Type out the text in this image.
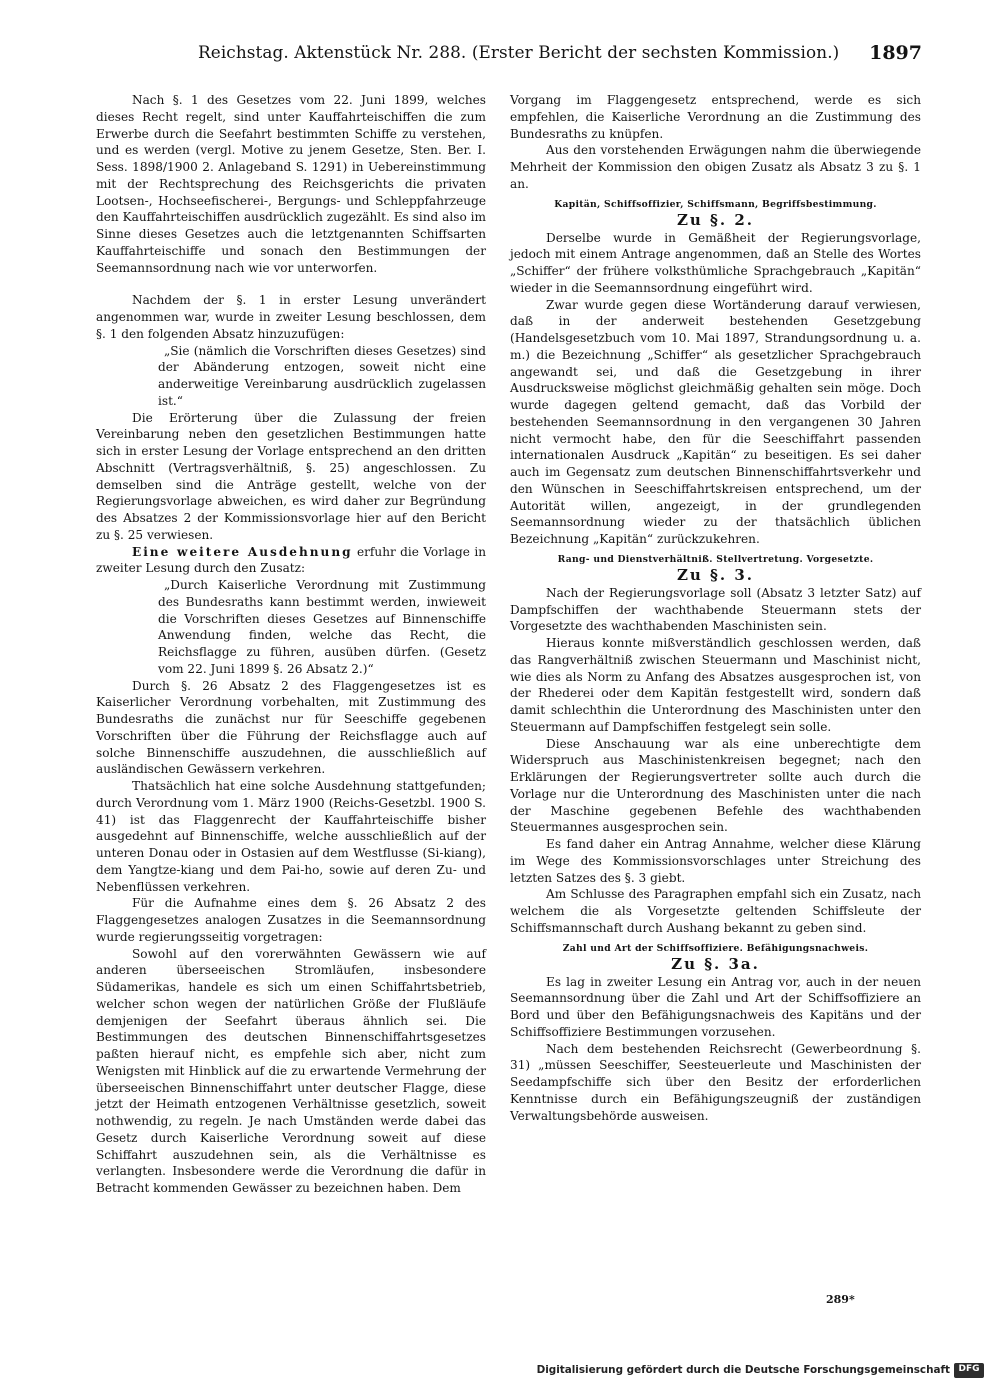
Reichstag. Aktenstück Nr. 288. (Erster Bericht der sechsten Kommission.) 1897

Nach §. 1 des Gesetzes vom 22. Juni 1899, welches dieses Recht regelt, sind unter Kauffahrteischiffen die zum Erwerbe durch die Seefahrt bestimmten Schiffe zu verstehen, und es werden (vergl. Motive zu jenem Gesetze, Sten. Ber. I. Sess. 1898/1900 2. Anlageband S. 1291) in Uebereinstimmung mit der Rechtsprechung des Reichsgerichts die privaten Lootsen-, Hochseefischerei-, Bergungs- und Schleppfahrzeuge den Kauffahrteischiffen ausdrücklich zugezählt. Es sind also im Sinne dieses Gesetzes auch die letztgenannten Schiffsarten Kauffahrteischiffe und sonach den Bestimmungen der Seemannsordnung nach wie vor unterworfen.

Nachdem der §. 1 in erster Lesung unverändert angenommen war, wurde in zweiter Lesung beschlossen, dem §. 1 den folgenden Absatz hinzuzufügen:

„Sie (nämlich die Vorschriften dieses Gesetzes) sind der Abänderung entzogen, soweit nicht eine anderweitige Vereinbarung ausdrücklich zugelassen ist.“

Die Erörterung über die Zulassung der freien Vereinbarung neben den gesetzlichen Bestimmungen hatte sich in erster Lesung der Vorlage entsprechend an den dritten Abschnitt (Vertragsverhältniß, §. 25) angeschlossen. Zu demselben sind die Anträge gestellt, welche von der Regierungsvorlage abweichen, es wird daher zur Begründung des Absatzes 2 der Kommissionsvorlage hier auf den Bericht zu §. 25 verwiesen.

Eine weitere Ausdehnung erfuhr die Vorlage in zweiter Lesung durch den Zusatz:

„Durch Kaiserliche Verordnung mit Zustimmung des Bundesraths kann bestimmt werden, inwieweit die Vorschriften dieses Gesetzes auf Binnenschiffe Anwendung finden, welche das Recht, die Reichsflagge zu führen, ausüben dürfen. (Gesetz vom 22. Juni 1899 §. 26 Absatz 2.)“

Durch §. 26 Absatz 2 des Flaggengesetzes ist es Kaiserlicher Verordnung vorbehalten, mit Zustimmung des Bundesraths die zunächst nur für Seeschiffe gegebenen Vorschriften über die Führung der Reichsflagge auch auf solche Binnenschiffe auszudehnen, die ausschließlich auf ausländischen Gewässern verkehren.

Thatsächlich hat eine solche Ausdehnung stattgefunden; durch Verordnung vom 1. März 1900 (Reichs-Gesetzbl. 1900 S. 41) ist das Flaggenrecht der Kauffahrteischiffe bisher ausgedehnt auf Binnenschiffe, welche ausschließlich auf der unteren Donau oder in Ostasien auf dem Westflusse (Si-kiang), dem Yangtze-kiang und dem Pai-ho, sowie auf deren Zu- und Nebenflüssen verkehren.

Für die Aufnahme eines dem §. 26 Absatz 2 des Flaggengesetzes analogen Zusatzes in die Seemannsordnung wurde regierungsseitig vorgetragen:

Sowohl auf den vorerwähnten Gewässern wie auf anderen überseeischen Stromläufen, insbesondere Südamerikas, handele es sich um einen Schiffahrtsbetrieb, welcher schon wegen der natürlichen Größe der Flußläufe demjenigen der Seefahrt überaus ähnlich sei. Die Bestimmungen des deutschen Binnenschiffahrtsgesetzes paßten hierauf nicht, es empfehle sich aber, nicht zum Wenigsten mit Hinblick auf die zu erwartende Vermehrung der überseeischen Binnenschiffahrt unter deutscher Flagge, diese jetzt der Heimath entzogenen Verhältnisse gesetzlich, soweit nothwendig, zu regeln. Je nach Umständen werde dabei das Gesetz durch Kaiserliche Verordnung soweit auf diese Schiffahrt auszudehnen sein, als die Verhältnisse es verlangten. Insbesondere werde die Verordnung die dafür in Betracht kommenden Gewässer zu bezeichnen haben. Dem

Vorgang im Flaggengesetz entsprechend, werde es sich empfehlen, die Kaiserliche Verordnung an die Zustimmung des Bundesraths zu knüpfen.

Aus den vorstehenden Erwägungen nahm die überwiegende Mehrheit der Kommission den obigen Zusatz als Absatz 3 zu §. 1 an.

Kapitän, Schiffsoffizier, Schiffsmann, Begriffsbestimmung.

Zu §. 2.

Derselbe wurde in Gemäßheit der Regierungsvorlage, jedoch mit einem Antrage angenommen, daß an Stelle des Wortes „Schiffer“ der frühere volksthümliche Sprachgebrauch „Kapitän“ wieder in die Seemannsordnung eingeführt wird.

Zwar wurde gegen diese Wortänderung darauf verwiesen, daß in der anderweit bestehenden Gesetzgebung (Handelsgesetzbuch vom 10. Mai 1897, Strandungsordnung u. a. m.) die Bezeichnung „Schiffer“ als gesetzlicher Sprachgebrauch angewandt sei, und daß die Gesetzgebung in ihrer Ausdrucksweise möglichst gleichmäßig gehalten sein möge. Doch wurde dagegen geltend gemacht, daß das Vorbild der bestehenden Seemannsordnung in den vergangenen 30 Jahren nicht vermocht habe, den für die Seeschiffahrt passenden internationalen Ausdruck „Kapitän“ zu beseitigen. Es sei daher auch im Gegensatz zum deutschen Binnenschiffahrtsverkehr und den Wünschen in Seeschiffahrtskreisen entsprechend, um der Autorität willen, angezeigt, in der grundlegenden Seemannsordnung wieder zu der thatsächlich üblichen Bezeichnung „Kapitän“ zurückzukehren.

Rang- und Dienstverhältniß. Stellvertretung. Vorgesetzte.

Zu §. 3.

Nach der Regierungsvorlage soll (Absatz 3 letzter Satz) auf Dampfschiffen der wachthabende Steuermann stets der Vorgesetzte des wachthabenden Maschinisten sein.

Hieraus konnte mißverständlich geschlossen werden, daß das Rangverhältniß zwischen Steuermann und Maschinist nicht, wie dies als Norm zu Anfang des Absatzes ausgesprochen ist, von der Rhederei oder dem Kapitän festgestellt wird, sondern daß damit schlechthin die Unterordnung des Maschinisten unter den Steuermann auf Dampfschiffen festgelegt sein solle.

Diese Anschauung war als eine unberechtigte dem Widerspruch aus Maschinistenkreisen begegnet; nach den Erklärungen der Regierungsvertreter sollte auch durch die Vorlage nur die Unterordnung des Maschinisten unter die nach der Maschine gegebenen Befehle des wachthabenden Steuermannes ausgesprochen sein.

Es fand daher ein Antrag Annahme, welcher diese Klärung im Wege des Kommissionsvorschlages unter Streichung des letzten Satzes des §. 3 giebt.

Am Schlusse des Paragraphen empfahl sich ein Zusatz, nach welchem die als Vorgesetzte geltenden Schiffsleute der Schiffsmannschaft durch Aushang bekannt zu geben sind.

Zahl und Art der Schiffsoffiziere. Befähigungsnachweis.

Zu §. 3a.

Es lag in zweiter Lesung ein Antrag vor, auch in der neuen Seemannsordnung über die Zahl und Art der Schiffsoffiziere an Bord und über den Befähigungsnachweis des Kapitäns und der Schiffsoffiziere Bestimmungen vorzusehen.

Nach dem bestehenden Reichsrecht (Gewerbeordnung §. 31) „müssen Seeschiffer, Seesteuerleute und Maschinisten der Seedampfschiffe sich über den Besitz der erforderlichen Kenntnisse durch ein Befähigungszeugniß der zuständigen Verwaltungsbehörde ausweisen.

289*
Digitalisierung gefördert durch die Deutsche Forschungsgemeinschaft DFG
